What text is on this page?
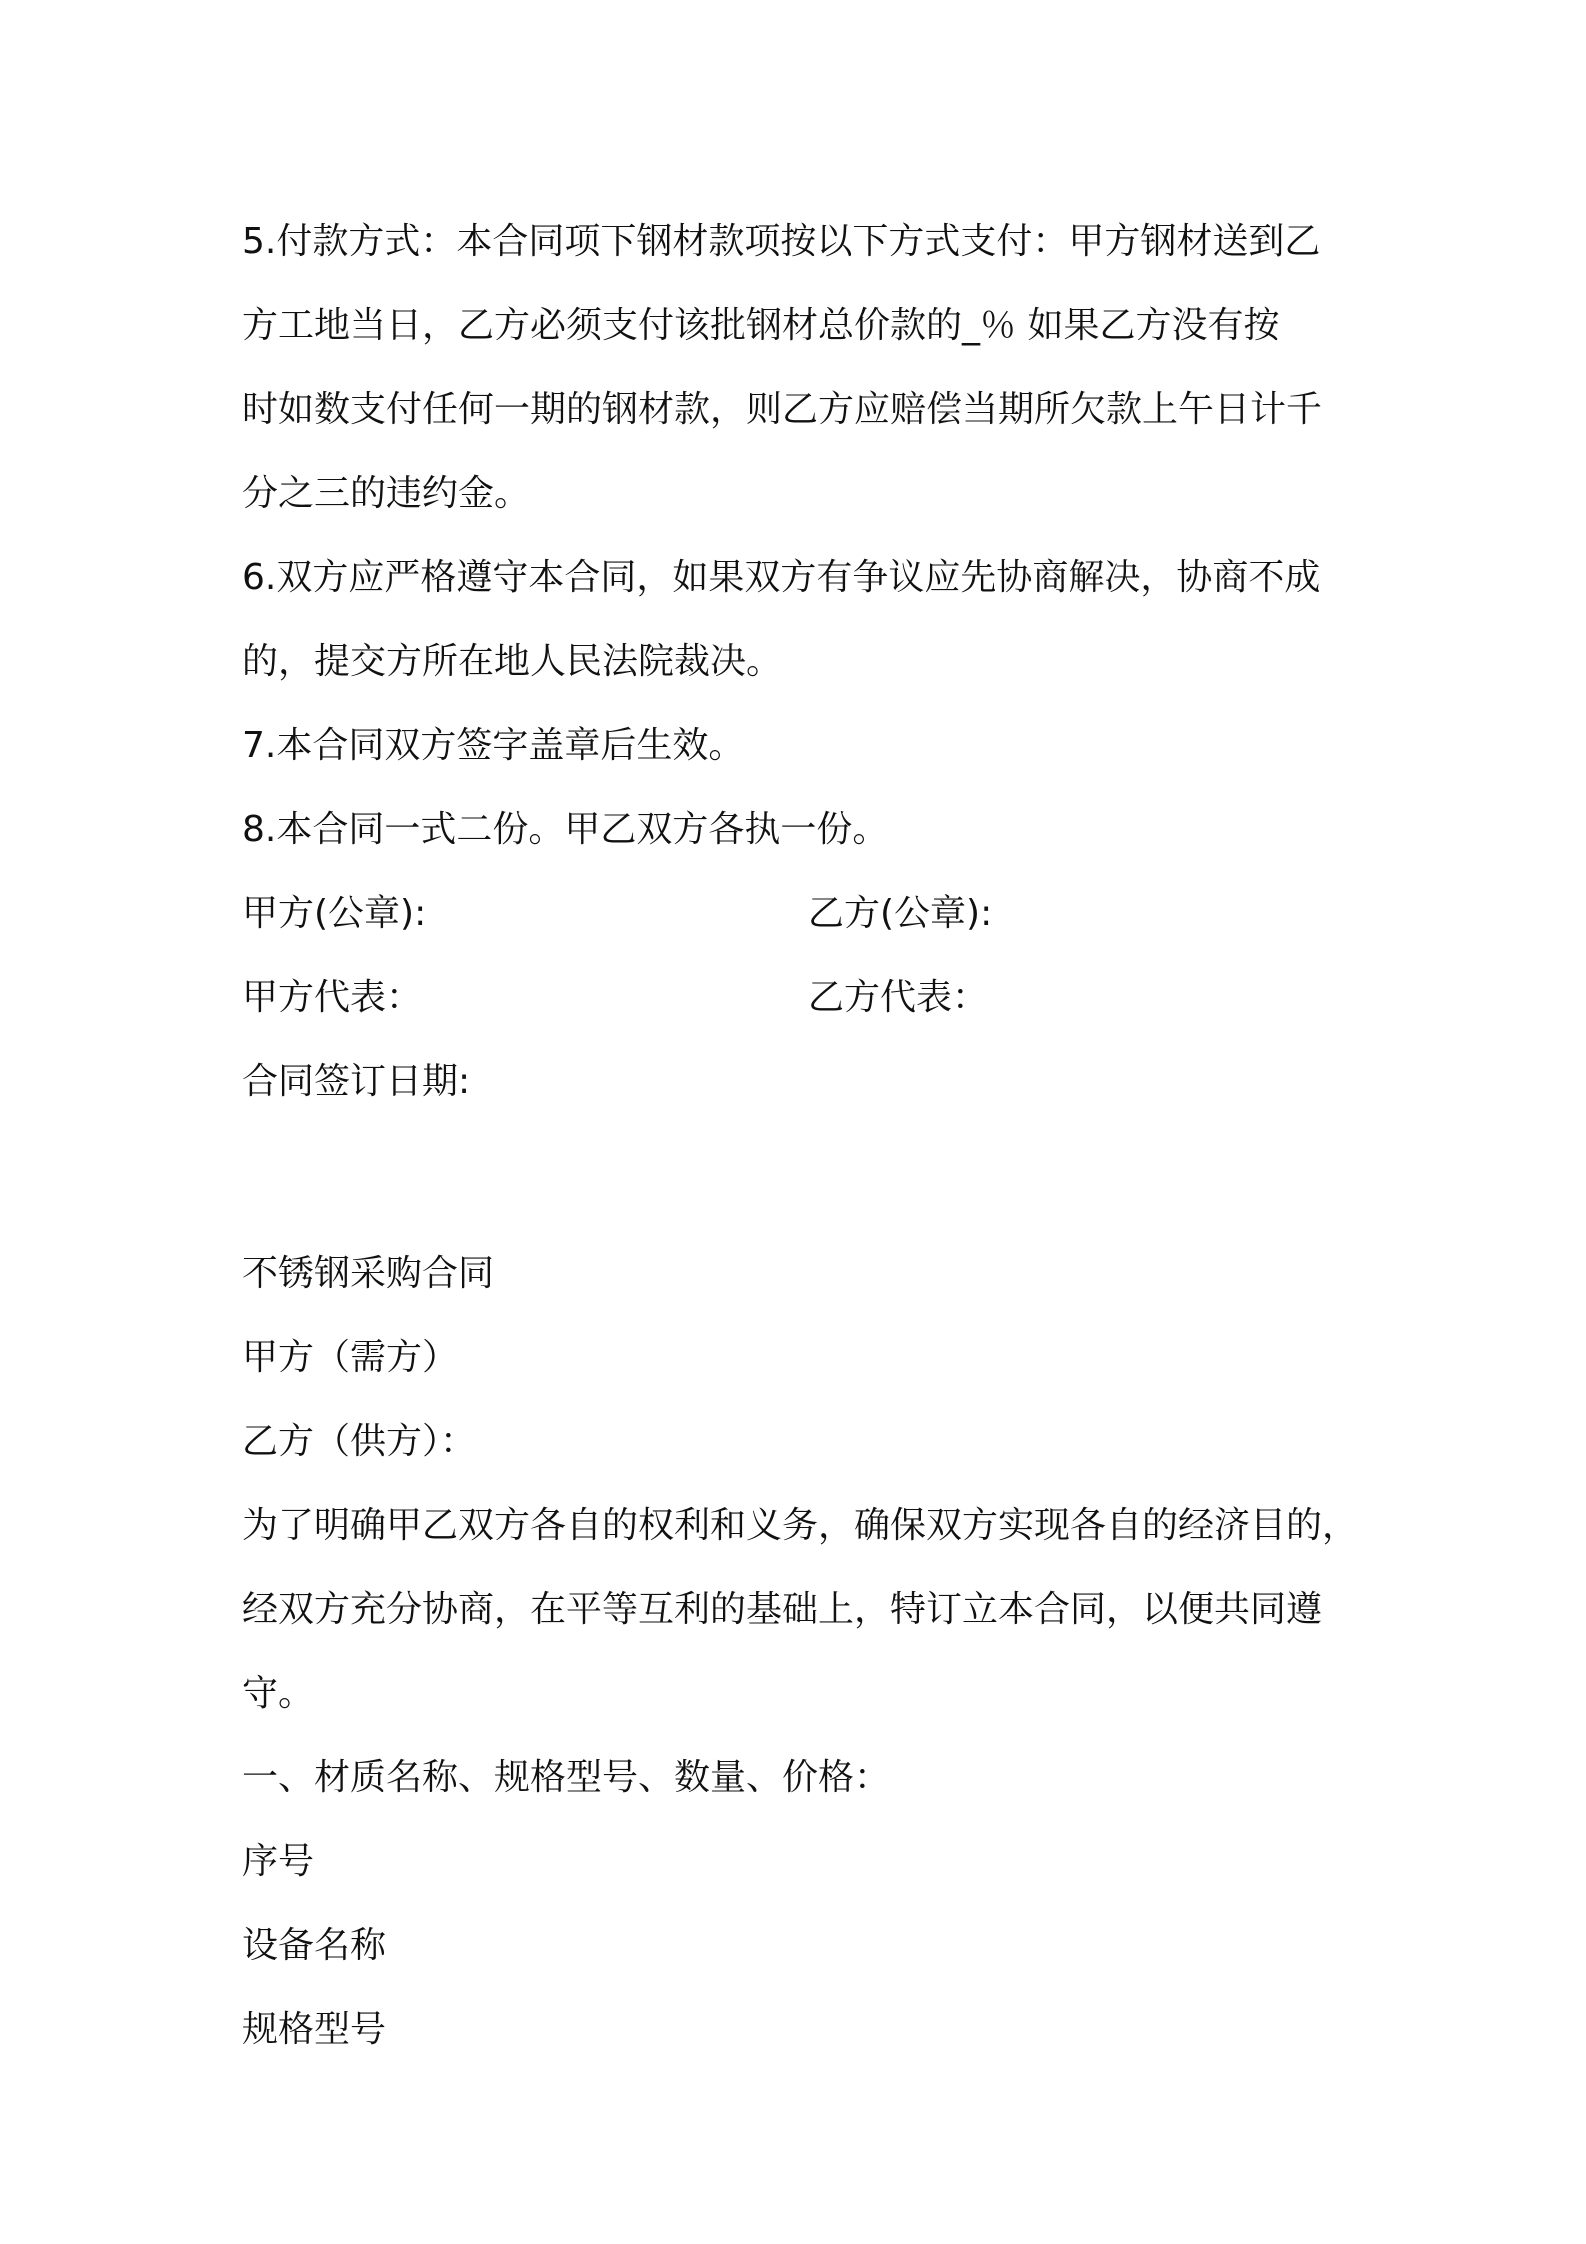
5.付款方式：本合同项下钢材款项按以下方式支付：甲方钢材送到乙
方工地当日，乙方必须支付该批钢材总价款的_％ 如果乙方没有按
时如数支付任何一期的钢材款，则乙方应赔偿当期所欠款上午日计千
分之三的违约金。
6.双方应严格遵守本合同，如果双方有争议应先协商解决，协商不成
的，提交方所在地人民法院裁决。
7.本合同双方签字盖章后生效。
8.本合同一式二份。甲乙双方各执一份。
甲方(公章):	乙方(公章):
甲方代表：	乙方代表：
合同签订日期:
不锈钢采购合同
甲方（需方）
乙方（供方）：
为了明确甲乙双方各自的权利和义务，确保双方实现各自的经济目的，
经双方充分协商，在平等互利的基础上，特订立本合同，以便共同遵
守。
一、材质名称、规格型号、数量、价格：
序号
设备名称
规格型号
